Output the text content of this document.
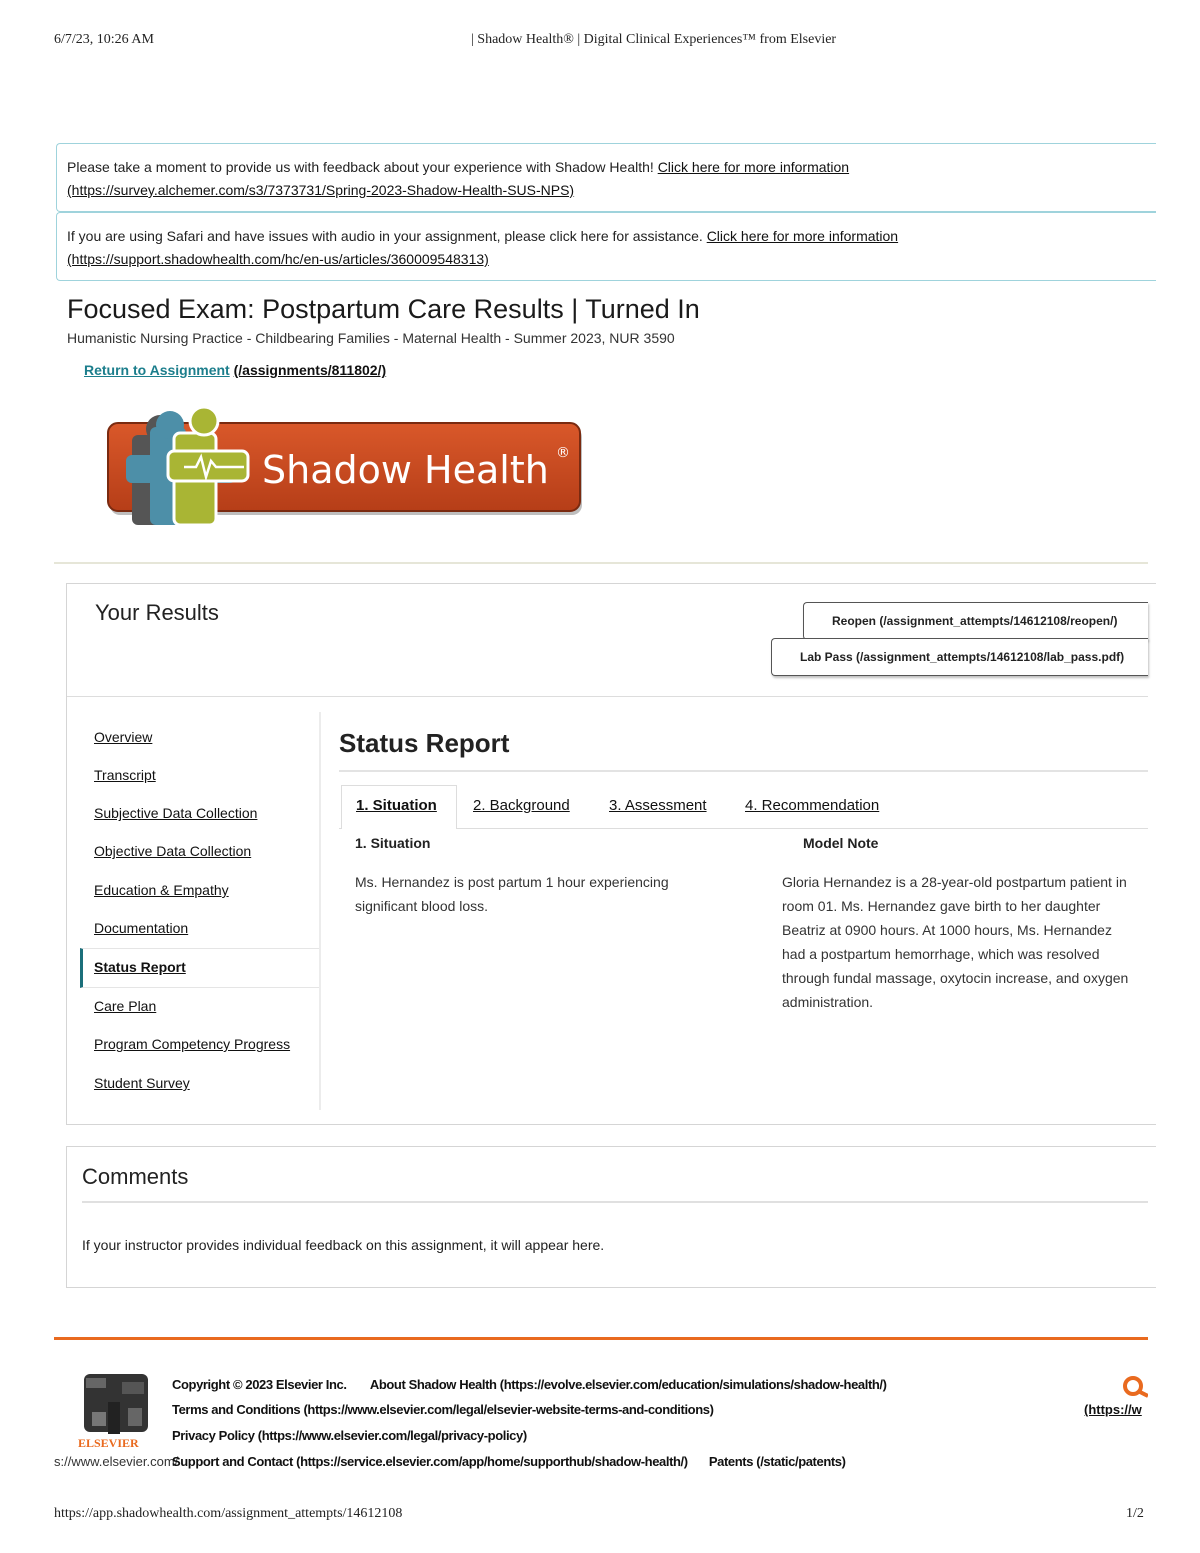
6/7/23, 10:26 AM	| Shadow Health® | Digital Clinical Experiences™ from Elsevier
Please take a moment to provide us with feedback about your experience with Shadow Health! Click here for more information
(https://survey.alchemer.com/s3/7373731/Spring-2023-Shadow-Health-SUS-NPS)
If you are using Safari and have issues with audio in your assignment, please click here for assistance. Click here for more information
(https://support.shadowhealth.com/hc/en-us/articles/360009548313)
Focused Exam: Postpartum Care Results | Turned In
Humanistic Nursing Practice - Childbearing Families - Maternal Health - Summer 2023, NUR 3590
Return to Assignment (/assignments/811802/)
Shadow Health ®
Your Results	Reopen (/assignment_attempts/14612108/reopen/)
Lab Pass (/assignment_attempts/14612108/lab_pass.pdf)
Overview
Transcript
Subjective Data Collection
Objective Data Collection
Education & Empathy
Documentation
Status Report
Care Plan
Program Competency Progress
Student Survey
Status Report
1. Situation 2. Background	3. Assessment	4. Recommendation
1. Situation	Model Note
Ms. Hernandez is post partum 1 hour experiencing
significant blood loss.
Gloria Hernandez is a 28-year-old postpartum patient in
room 01. Ms. Hernandez gave birth to her daughter
Beatriz at 0900 hours. At 1000 hours, Ms. Hernandez
had a postpartum hemorrhage, which was resolved
through fundal massage, oxytocin increase, and oxygen
administration.
Comments
If your instructor provides individual feedback on this assignment, it will appear here.
ELSEVIER
Copyright © 2023 Elsevier Inc. About Shadow Health (https://evolve.elsevier.com/education/simulations/shadow-health/)
Terms and Conditions (https://www.elsevier.com/legal/elsevier-website-terms-and-conditions)
Privacy Policy (https://www.elsevier.com/legal/privacy-policy)
s://www.elsevier.com/
Support and Contact (https://service.elsevier.com/app/home/supporthub/shadow-health/) Patents (/static/patents)
(https://w
https://app.shadowhealth.com/assignment_attempts/14612108	1/2
